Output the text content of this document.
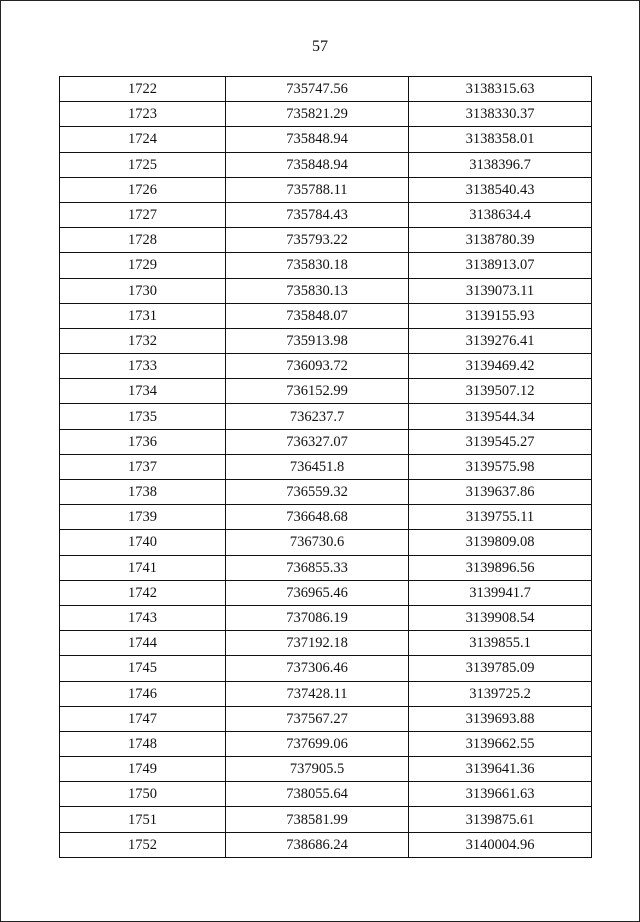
57
1722	735747.56	3138315.63
1723	735821.29	3138330.37
1724	735848.94	3138358.01
1725	735848.94	3138396.7
1726	735788.11	3138540.43
1727	735784.43	3138634.4
1728	735793.22	3138780.39
1729	735830.18	3138913.07
1730	735830.13	3139073.11
1731	735848.07	3139155.93
1732	735913.98	3139276.41
1733	736093.72	3139469.42
1734	736152.99	3139507.12
1735	736237.7	3139544.34
1736	736327.07	3139545.27
1737	736451.8	3139575.98
1738	736559.32	3139637.86
1739	736648.68	3139755.11
1740	736730.6	3139809.08
1741	736855.33	3139896.56
1742	736965.46	3139941.7
1743	737086.19	3139908.54
1744	737192.18	3139855.1
1745	737306.46	3139785.09
1746	737428.11	3139725.2
1747	737567.27	3139693.88
1748	737699.06	3139662.55
1749	737905.5	3139641.36
1750	738055.64	3139661.63
1751	738581.99	3139875.61
1752	738686.24	3140004.96
